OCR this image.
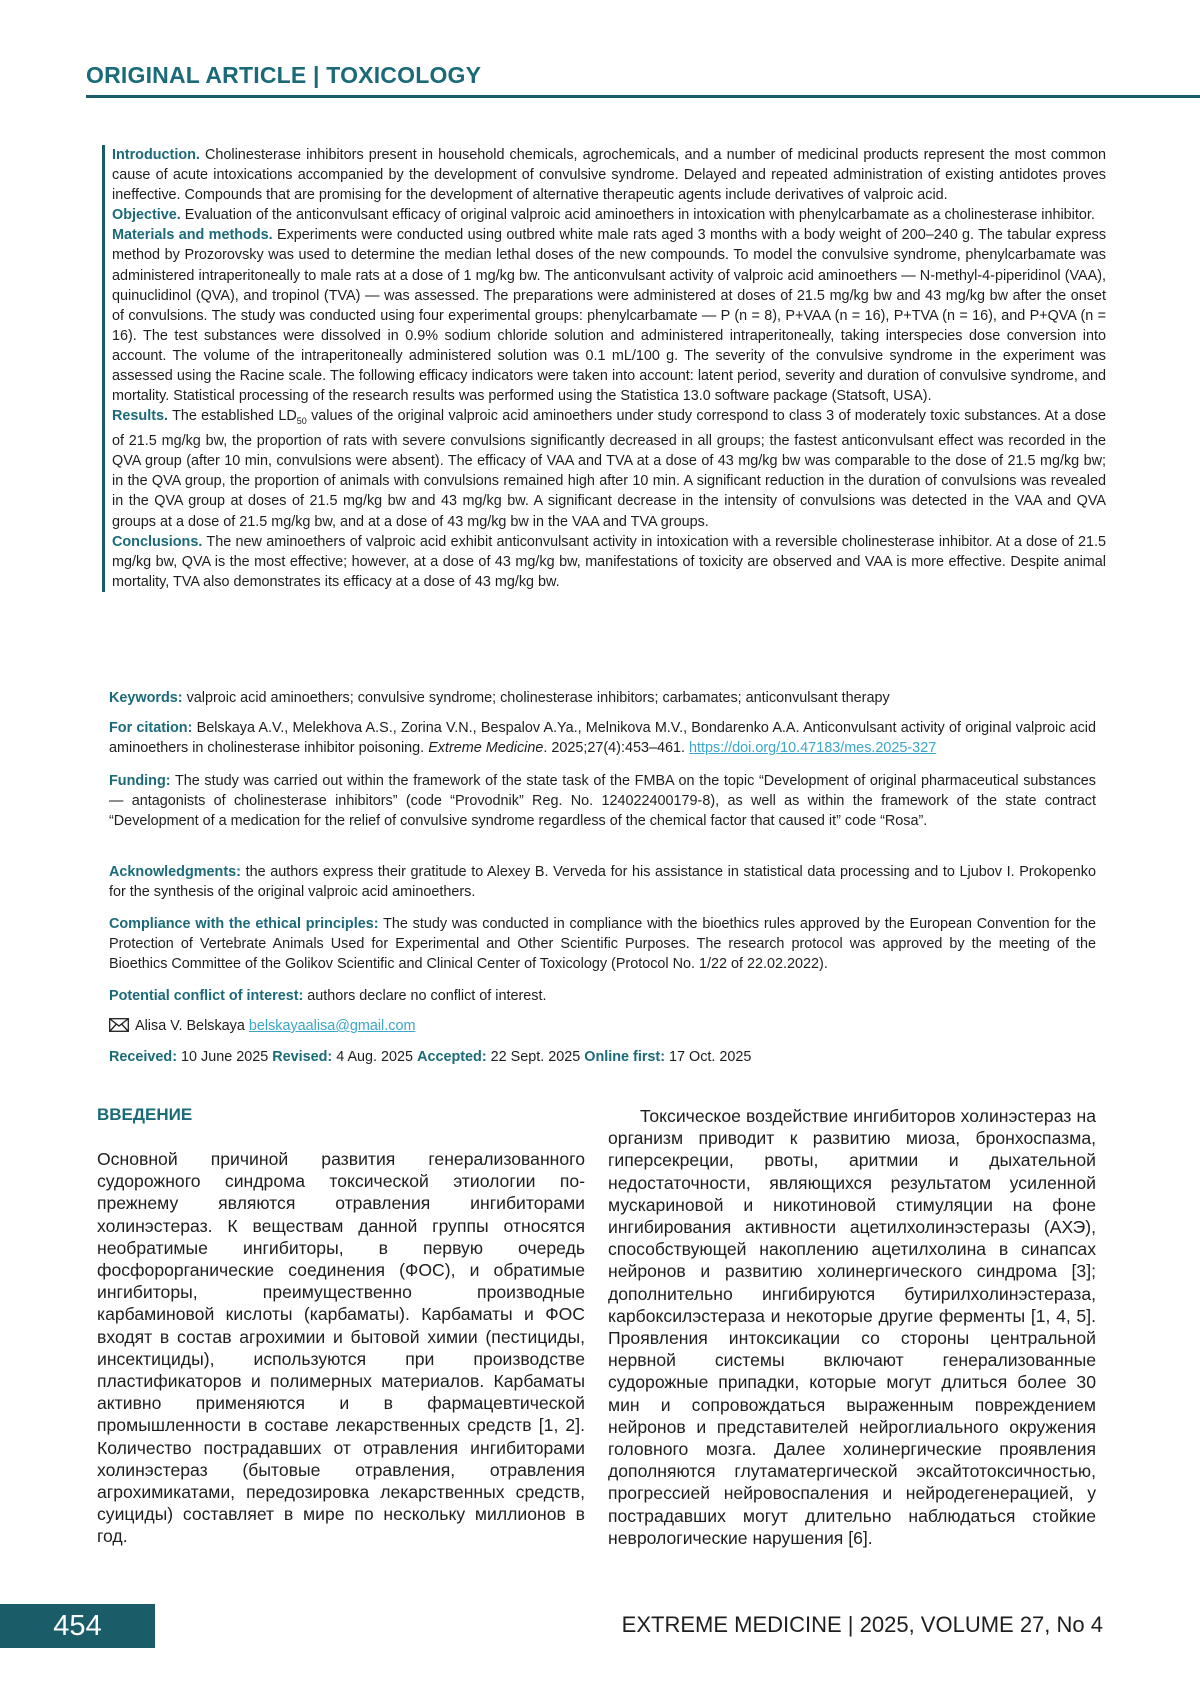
ORIGINAL ARTICLE | TOXICOLOGY

Introduction. Cholinesterase inhibitors present in household chemicals, agrochemicals, and a number of medicinal products represent the most common cause of acute intoxications accompanied by the development of convulsive syndrome. Delayed and repeated administration of existing antidotes proves ineffective. Compounds that are promising for the development of alternative therapeutic agents include derivatives of valproic acid.

Objective. Evaluation of the anticonvulsant efficacy of original valproic acid aminoethers in intoxication with phenylcarbamate as a cholinesterase inhibitor.

Materials and methods. Experiments were conducted using outbred white male rats aged 3 months with a body weight of 200–240 g. The tabular express method by Prozorovsky was used to determine the median lethal doses of the new compounds. To model the convulsive syndrome, phenylcarbamate was administered intraperitoneally to male rats at a dose of 1 mg/kg bw. The anticonvulsant activity of valproic acid aminoethers — N-methyl-4-piperidinol (VAA), quinuclidinol (QVA), and tropinol (TVA) — was assessed. The preparations were administered at doses of 21.5 mg/kg bw and 43 mg/kg bw after the onset of convulsions. The study was conducted using four experimental groups: phenylcarbamate — P (n = 8), P+VAA (n = 16), P+TVA (n = 16), and P+QVA (n = 16). The test substances were dissolved in 0.9% sodium chloride solution and administered intraperitoneally, taking interspecies dose conversion into account. The volume of the intraperitoneally administered solution was 0.1 mL/100 g. The severity of the convulsive syndrome in the experiment was assessed using the Racine scale. The following efficacy indicators were taken into account: latent period, severity and duration of convulsive syndrome, and mortality. Statistical processing of the research results was performed using the Statistica 13.0 software package (Statsoft, USA).

Results. The established $LD_{50}$ values of the original valproic acid aminoethers under study correspond to class 3 of moderately toxic substances. At a dose of 21.5 mg/kg bw, the proportion of rats with severe convulsions significantly decreased in all groups; the fastest anticonvulsant effect was recorded in the QVA group (after 10 min, convulsions were absent). The efficacy of VAA and TVA at a dose of 43 mg/kg bw was comparable to the dose of 21.5 mg/kg bw; in the QVA group, the proportion of animals with convulsions remained high after 10 min. A significant reduction in the duration of convulsions was revealed in the QVA group at doses of 21.5 mg/kg bw and 43 mg/kg bw. A significant decrease in the intensity of convulsions was detected in the VAA and QVA groups at a dose of 21.5 mg/kg bw, and at a dose of 43 mg/kg bw in the VAA and TVA groups.

Conclusions. The new aminoethers of valproic acid exhibit anticonvulsant activity in intoxication with a reversible cholinesterase inhibitor. At a dose of 21.5 mg/kg bw, QVA is the most effective; however, at a dose of 43 mg/kg bw, manifestations of toxicity are observed and VAA is more effective. Despite animal mortality, TVA also demonstrates its efficacy at a dose of 43 mg/kg bw.

Keywords: valproic acid aminoethers; convulsive syndrome; cholinesterase inhibitors; carbamates; anticonvulsant therapy

For citation: Belskaya A.V., Melekhova A.S., Zorina V.N., Bespalov A.Ya., Melnikova M.V., Bondarenko A.A. Anticonvulsant activity of original valproic acid aminoethers in cholinesterase inhibitor poisoning. Extreme Medicine. 2025;27(4):453–461. https://doi.org/10.47183/mes.2025-327

Funding: The study was carried out within the framework of the state task of the FMBA on the topic “Development of original pharmaceutical substances — antagonists of cholinesterase inhibitors” (code “Provodnik” Reg. No. 124022400179-8), as well as within the framework of the state contract “Development of a medication for the relief of convulsive syndrome regardless of the chemical factor that caused it” code “Rosa”.

Acknowledgments: the authors express their gratitude to Alexey B. Verveda for his assistance in statistical data processing and to Ljubov I. Prokopenko for the synthesis of the original valproic acid aminoethers.

Compliance with the ethical principles: The study was conducted in compliance with the bioethics rules approved by the European Convention for the Protection of Vertebrate Animals Used for Experimental and Other Scientific Purposes. The research protocol was approved by the meeting of the Bioethics Committee of the Golikov Scientific and Clinical Center of Toxicology (Protocol No. 1/22 of 22.02.2022).

Potential conflict of interest: authors declare no conflict of interest.

Alisa V. Belskaya belskayaalisa@gmail.com

Received: 10 June 2025 Revised: 4 Aug. 2025 Accepted: 22 Sept. 2025 Online first: 17 Oct. 2025

ВВЕДЕНИЕ

Основной причиной развития генерализованного судорожного синдрома токсической этиологии по-прежнему являются отравления ингибиторами холинэстераз. К веществам данной группы относятся необратимые ингибиторы, в первую очередь фосфорорганические соединения (ФОС), и обратимые ингибиторы, преимущественно производные карбаминовой кислоты (карбаматы). Карбаматы и ФОС входят в состав агрохимии и бытовой химии (пестициды, инсектициды), используются при производстве пластификаторов и полимерных материалов. Карбаматы активно применяются и в фармацевтической промышленности в составе лекарственных средств [1, 2]. Количество пострадавших от отравления ингибиторами холинэстераз (бытовые отравления, отравления агрохимикатами, передозировка лекарственных средств, суициды) составляет в мире по нескольку миллионов в год.

Токсическое воздействие ингибиторов холинэстераз на организм приводит к развитию миоза, бронхоспазма, гиперсекреции, рвоты, аритмии и дыхательной недостаточности, являющихся результатом усиленной мускариновой и никотиновой стимуляции на фоне ингибирования активности ацетилхолинэстеразы (АХЭ), способствующей накоплению ацетилхолина в синапсах нейронов и развитию холинергического синдрома [3]; дополнительно ингибируются бутирилхолинэстераза, карбоксилэстераза и некоторые другие ферменты [1, 4, 5]. Проявления интоксикации со стороны центральной нервной системы включают генерализованные судорожные припадки, которые могут длиться более 30 мин и сопровождаться выраженным повреждением нейронов и представителей нейроглиального окружения головного мозга. Далее холинергические проявления дополняются глутаматергической эксайтотоксичностью, прогрессией нейровоспаления и нейродегенерацией, у пострадавших могут длительно наблюдаться стойкие неврологические нарушения [6].

454	EXTREME MEDICINE | 2025, VOLUME 27, No 4
